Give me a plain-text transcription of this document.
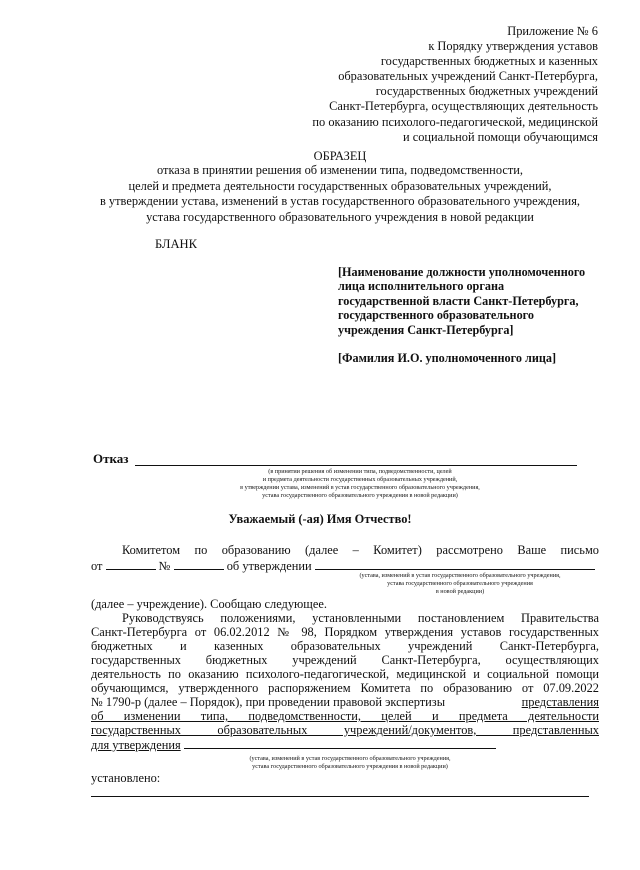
Приложение № 6
к Порядку утверждения уставов
государственных бюджетных и казенных
образовательных учреждений Санкт-Петербурга,
государственных бюджетных учреждений
Санкт-Петербурга, осуществляющих деятельность
по оказанию психолого-педагогической, медицинской
и социальной помощи обучающимся
ОБРАЗЕЦ
отказа в принятии решения об изменении типа, подведомственности,
целей и предмета деятельности государственных образовательных учреждений,
в утверждении устава, изменений в устав государственного образовательного учреждения,
устава государственного образовательного учреждения в новой редакции
БЛАНК
[Наименование должности уполномоченного
лица исполнительного органа
государственной власти Санкт-Петербурга,
государственного образовательного
учреждения Санкт-Петербурга]
[Фамилия И.О. уполномоченного лица]
Отказ
(в принятии решения об изменении типа, подведомственности, целей
и предмета деятельности государственных образовательных учреждений,
в утверждении устава, изменений в устав государственного образовательного учреждения,
устава государственного образовательного учреждения в новой редакции)
Уважаемый (-ая) Имя Отчество!
Комитетом по образованию (далее – Комитет) рассмотрено Ваше письмо
от	№	об утверждении
(устава, изменений в устав государственного образовательного учреждения,
устава государственного образовательного учреждения
в новой редакции)
(далее – учреждение). Сообщаю следующее.
Руководствуясь положениями, установленными постановлением Правительства
Санкт-Петербурга от 06.02.2012 № 98, Порядком утверждения уставов государственных
бюджетных и казенных образовательных учреждений Санкт-Петербурга,
государственных бюджетных учреждений Санкт-Петербурга, осуществляющих
деятельность по оказанию психолого-педагогической, медицинской и социальной помощи
обучающимся, утвержденного распоряжением Комитета по образованию от 07.09.2022
№ 1790-р (далее – Порядок), при проведении правовой экспертизы	представления
об изменении типа, подведомственности, целей и предмета деятельности
государственных образовательных учреждений/документов, представленных
для утверждения
(устава, изменений в устав государственного образовательного учреждения,
устава государственного образовательного учреждения в новой редакции)
установлено:
